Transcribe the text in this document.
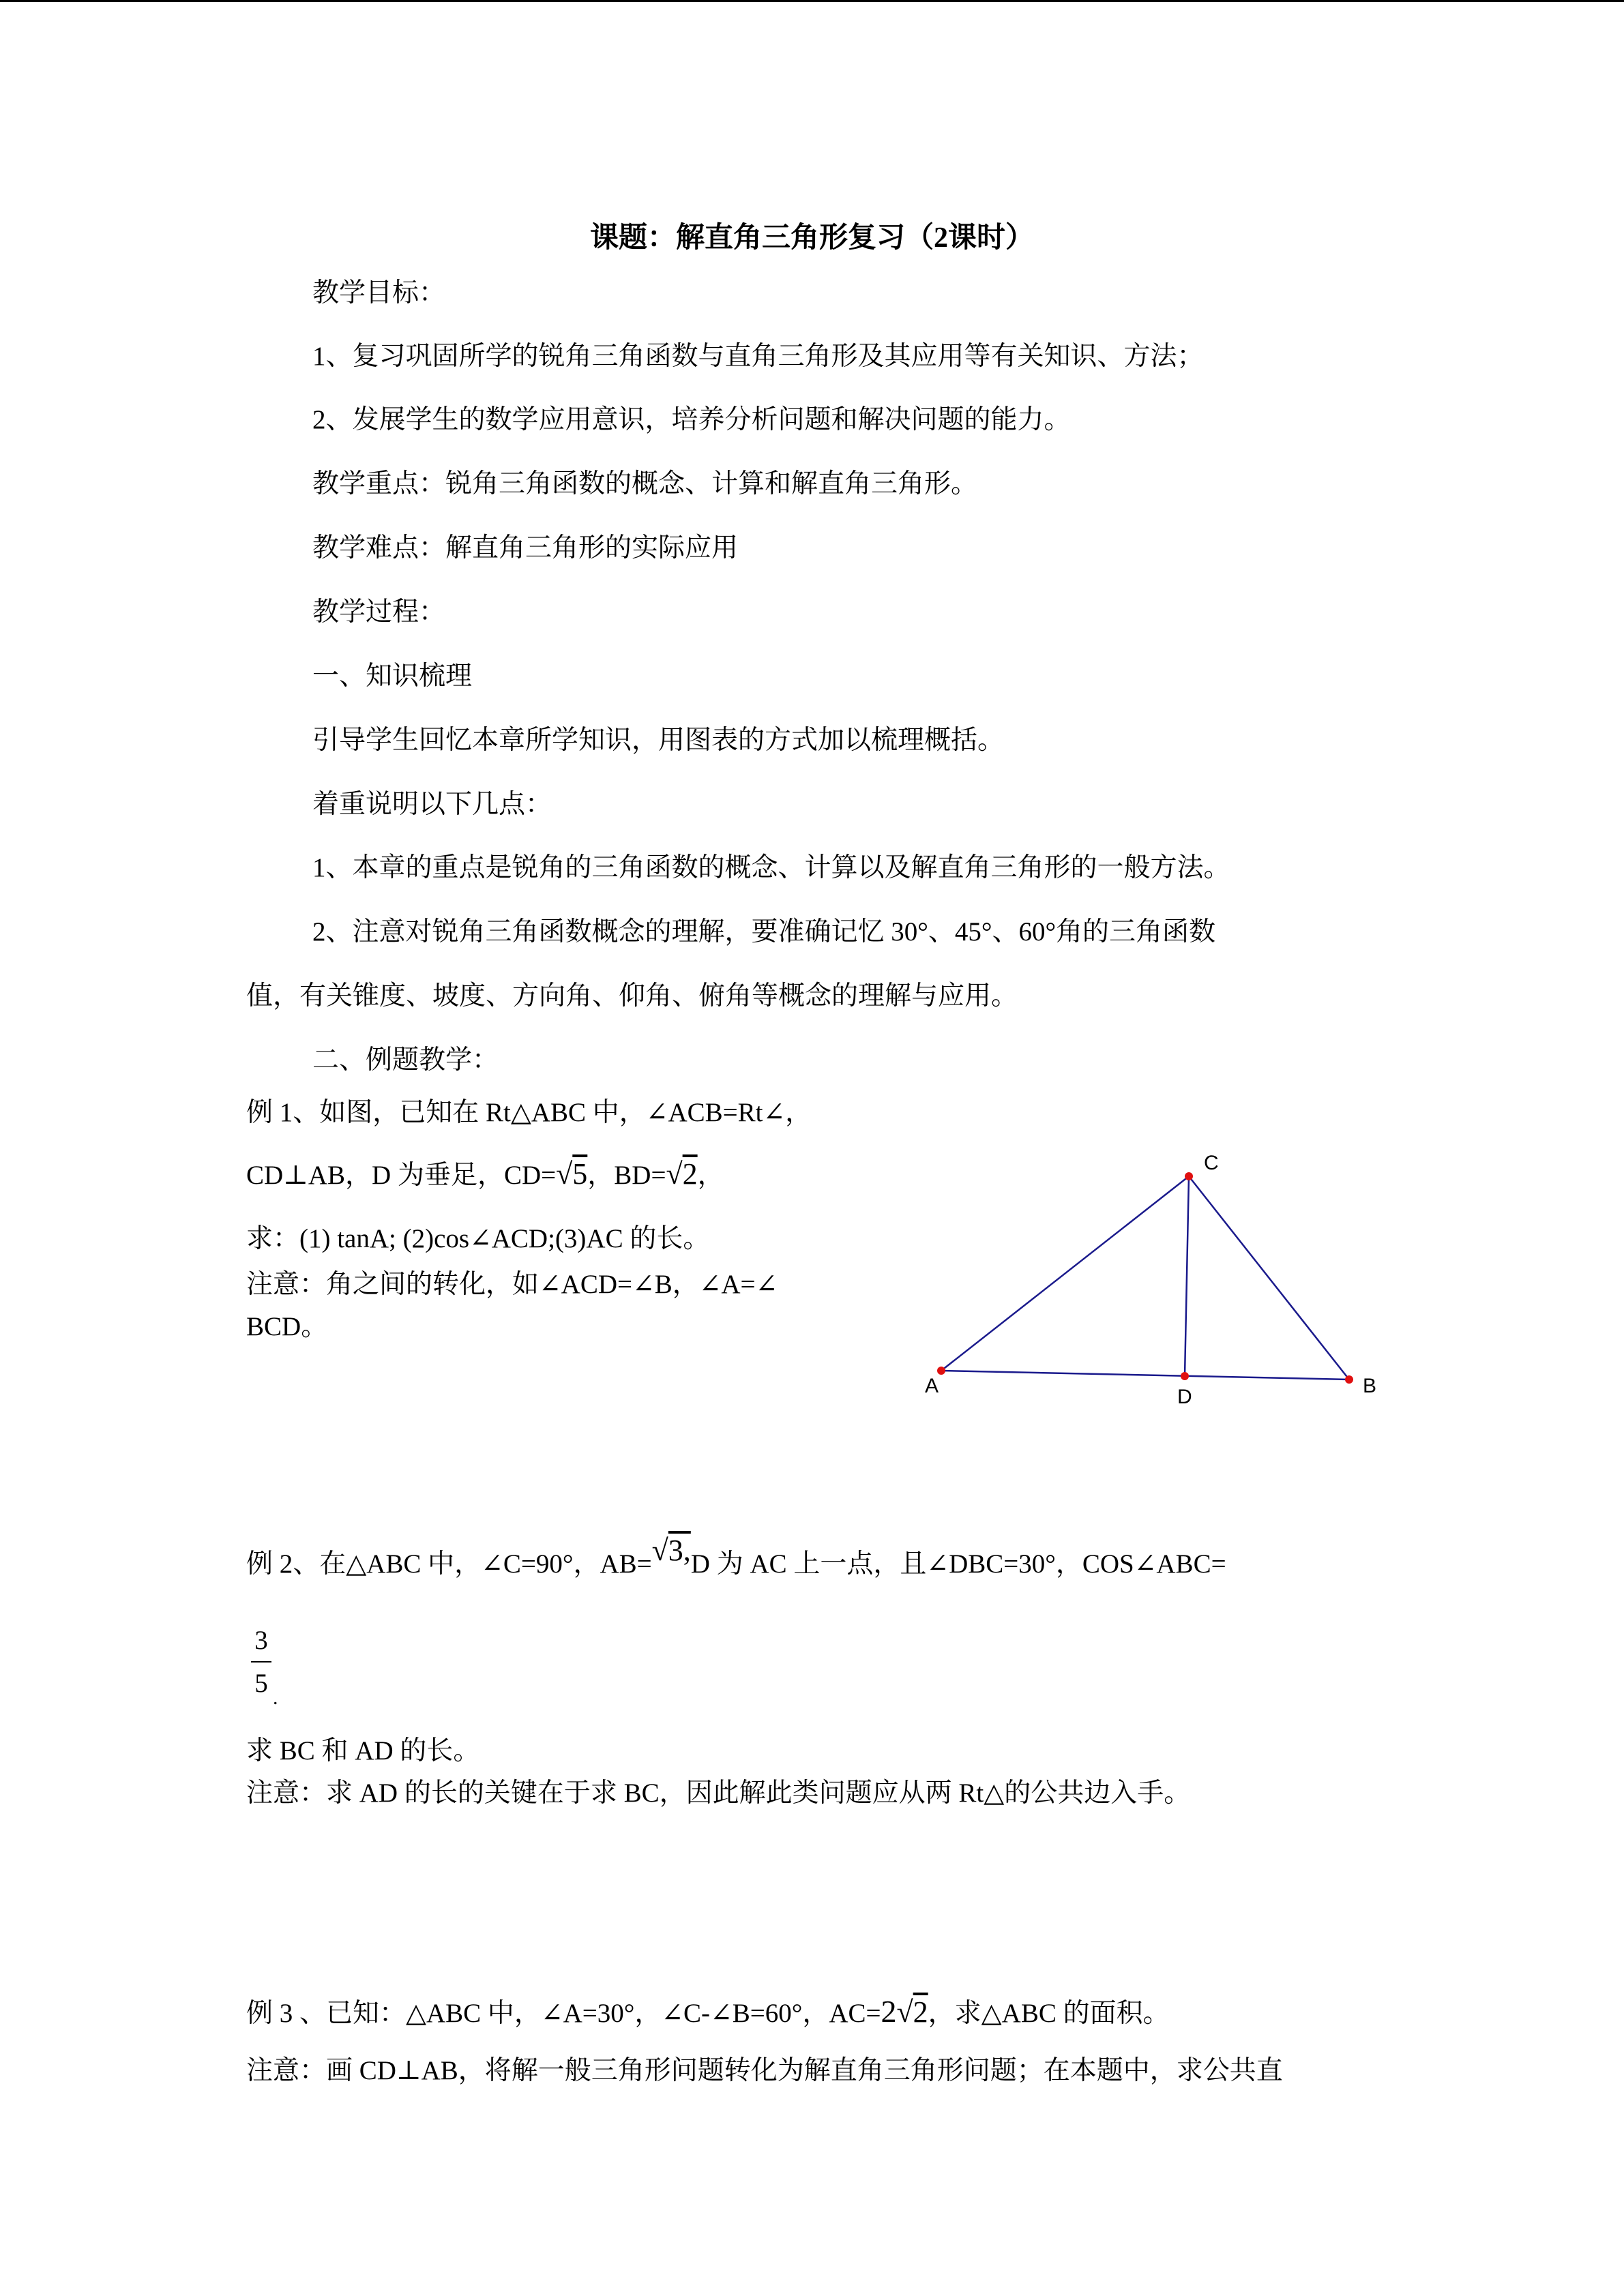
课题：解直角三角形复习（2课时）
教学目标：
1、复习巩固所学的锐角三角函数与直角三角形及其应用等有关知识、方法；
2、发展学生的数学应用意识，培养分析问题和解决问题的能力。
教学重点：锐角三角函数的概念、计算和解直角三角形。
教学难点：解直角三角形的实际应用
教学过程：
一、知识梳理
引导学生回忆本章所学知识，用图表的方式加以梳理概括。
着重说明以下几点：
1、本章的重点是锐角的三角函数的概念、计算以及解直角三角形的一般方法。
2、注意对锐角三角函数概念的理解，要准确记忆 30°、45°、60°角的三角函数
值，有关锥度、坡度、方向角、仰角、俯角等概念的理解与应用。
二、例题教学：
例 1、如图，已知在 Rt△ABC 中，∠ACB=Rt∠，
CD⊥AB，D 为垂足，CD=√5，BD=√2，
求：(1) tanA; (2)cos∠ACD;(3)AC 的长。
注意：角之间的转化，如∠ACD=∠B，∠A=∠
BCD。
C
A	B
D
例 2、在△ABC 中，∠C=90°，AB=√3,D 为 AC 上一点，且∠DBC=30°，COS∠ABC=
3
5 .
求 BC 和 AD 的长。
注意：求 AD 的长的关键在于求 BC，因此解此类问题应从两 Rt△的公共边入手。
例 3 、已知：△ABC 中，∠A=30°，∠C-∠B=60°，AC=2√2，求△ABC 的面积。
注意：画 CD⊥AB，将解一般三角形问题转化为解直角三角形问题；在本题中，求公共直
